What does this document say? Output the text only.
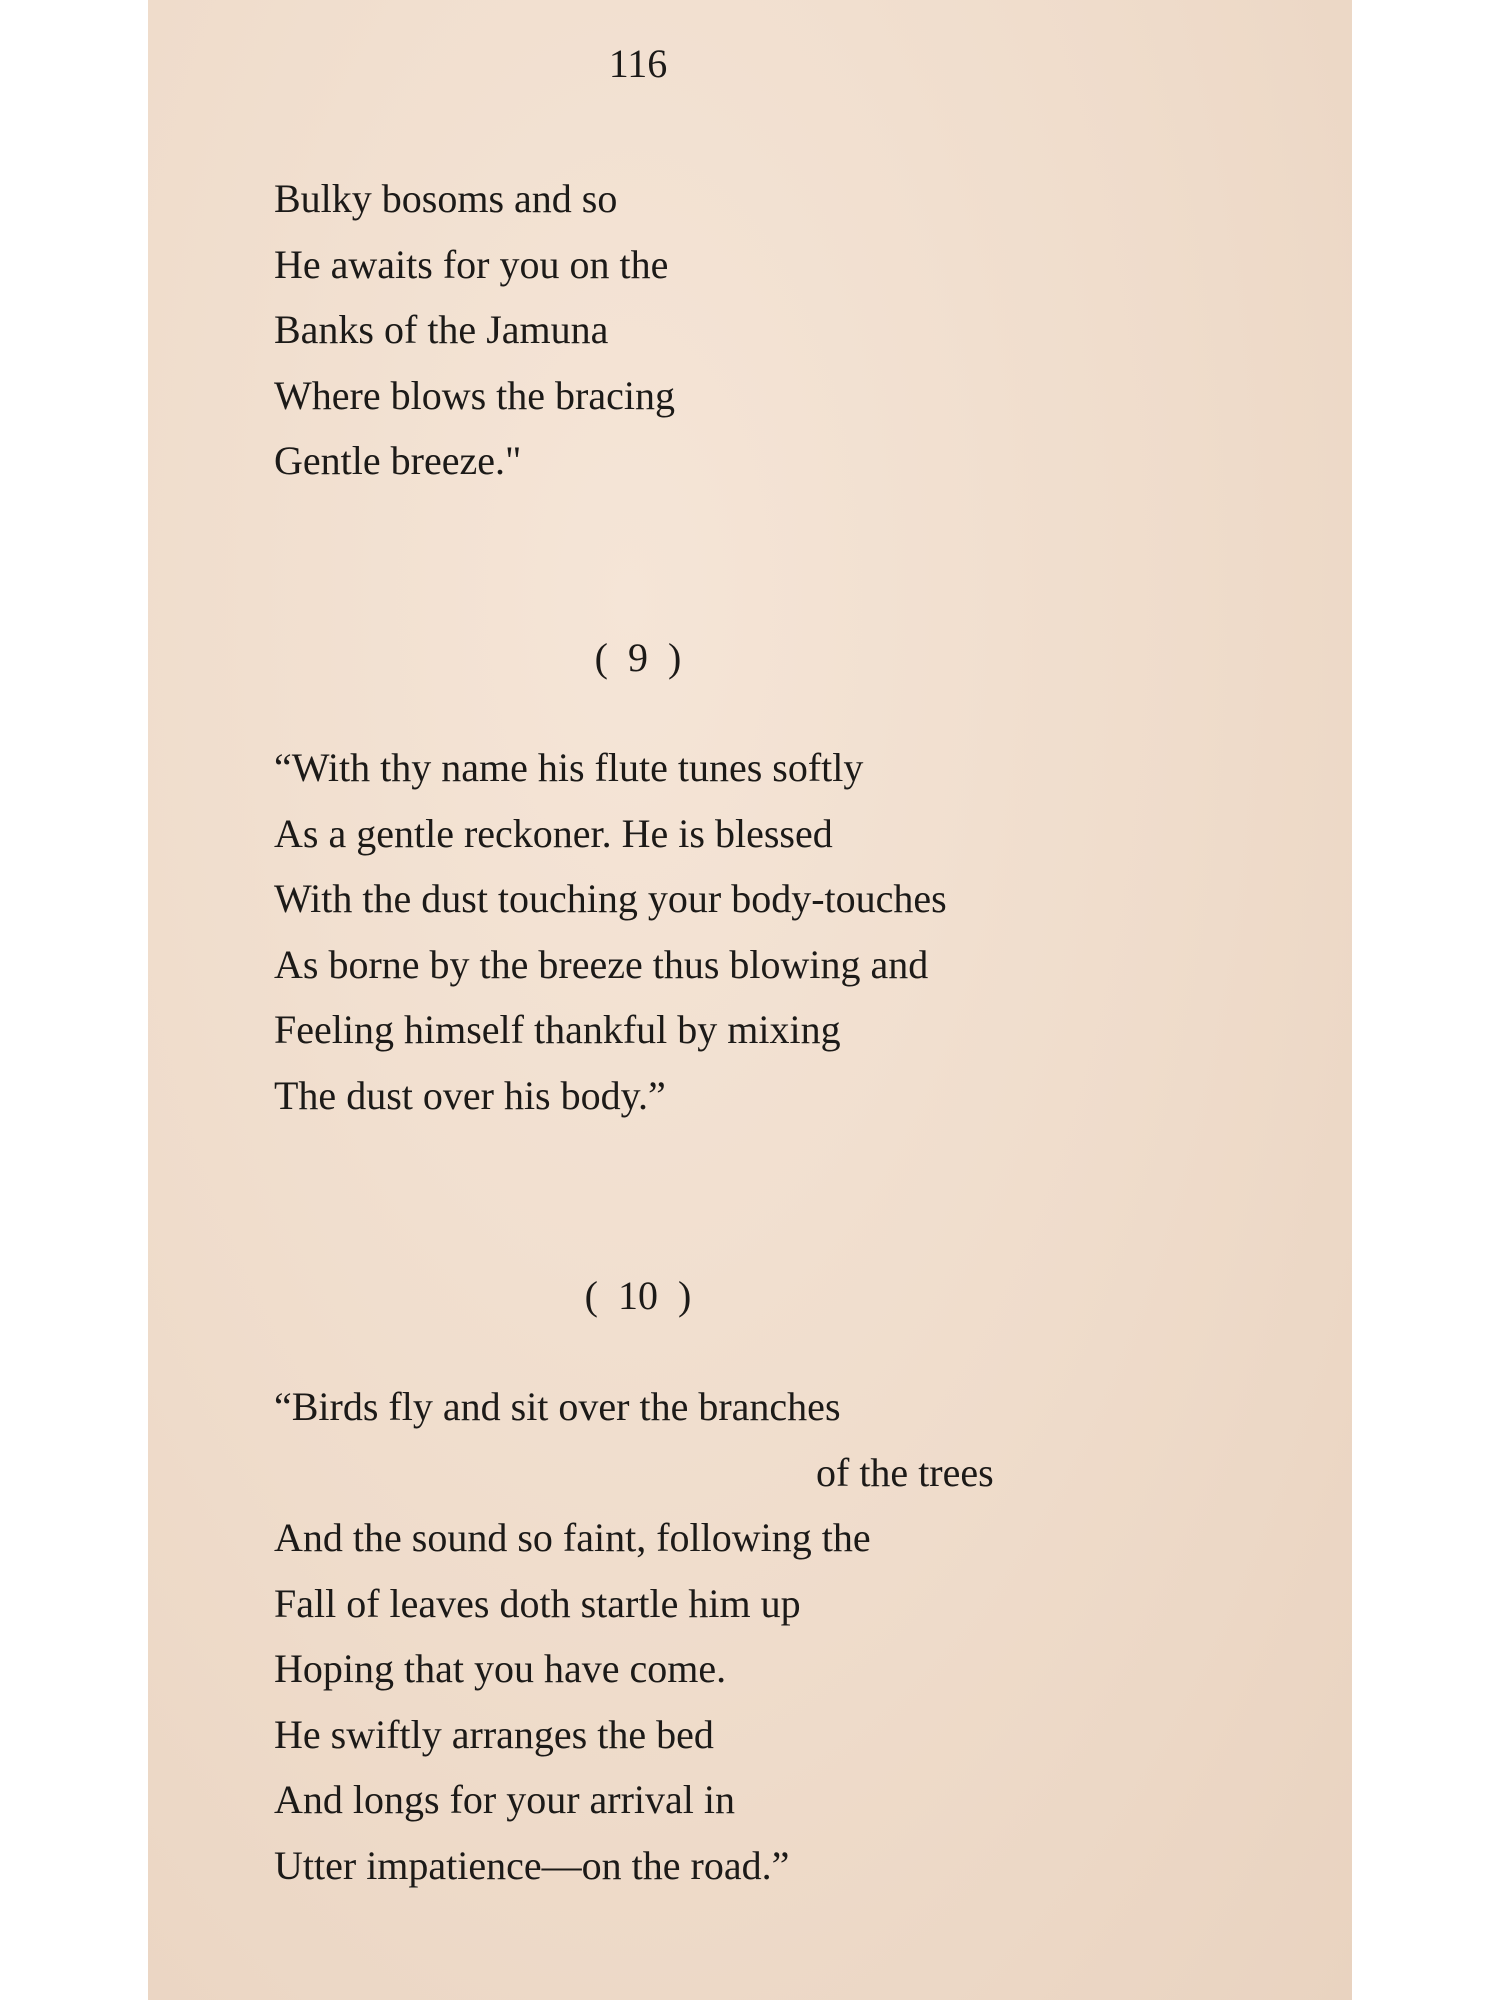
116
Bulky bosoms and so
He awaits for you on the
Banks of the Jamuna
Where blows the bracing
Gentle breeze."
(  9  )
“With thy name his flute tunes softly
As a gentle reckoner. He is blessed
With the dust touching your body-touches
As borne by the breeze thus blowing and
Feeling himself thankful by mixing
The dust over his body.”
(  10  )
“Birds fly and sit over the branches
of the trees
And the sound so faint, following the
Fall of leaves doth startle him up
Hoping that you have come.
He swiftly arranges the bed
And longs for your arrival in
Utter impatience—on the road.”
